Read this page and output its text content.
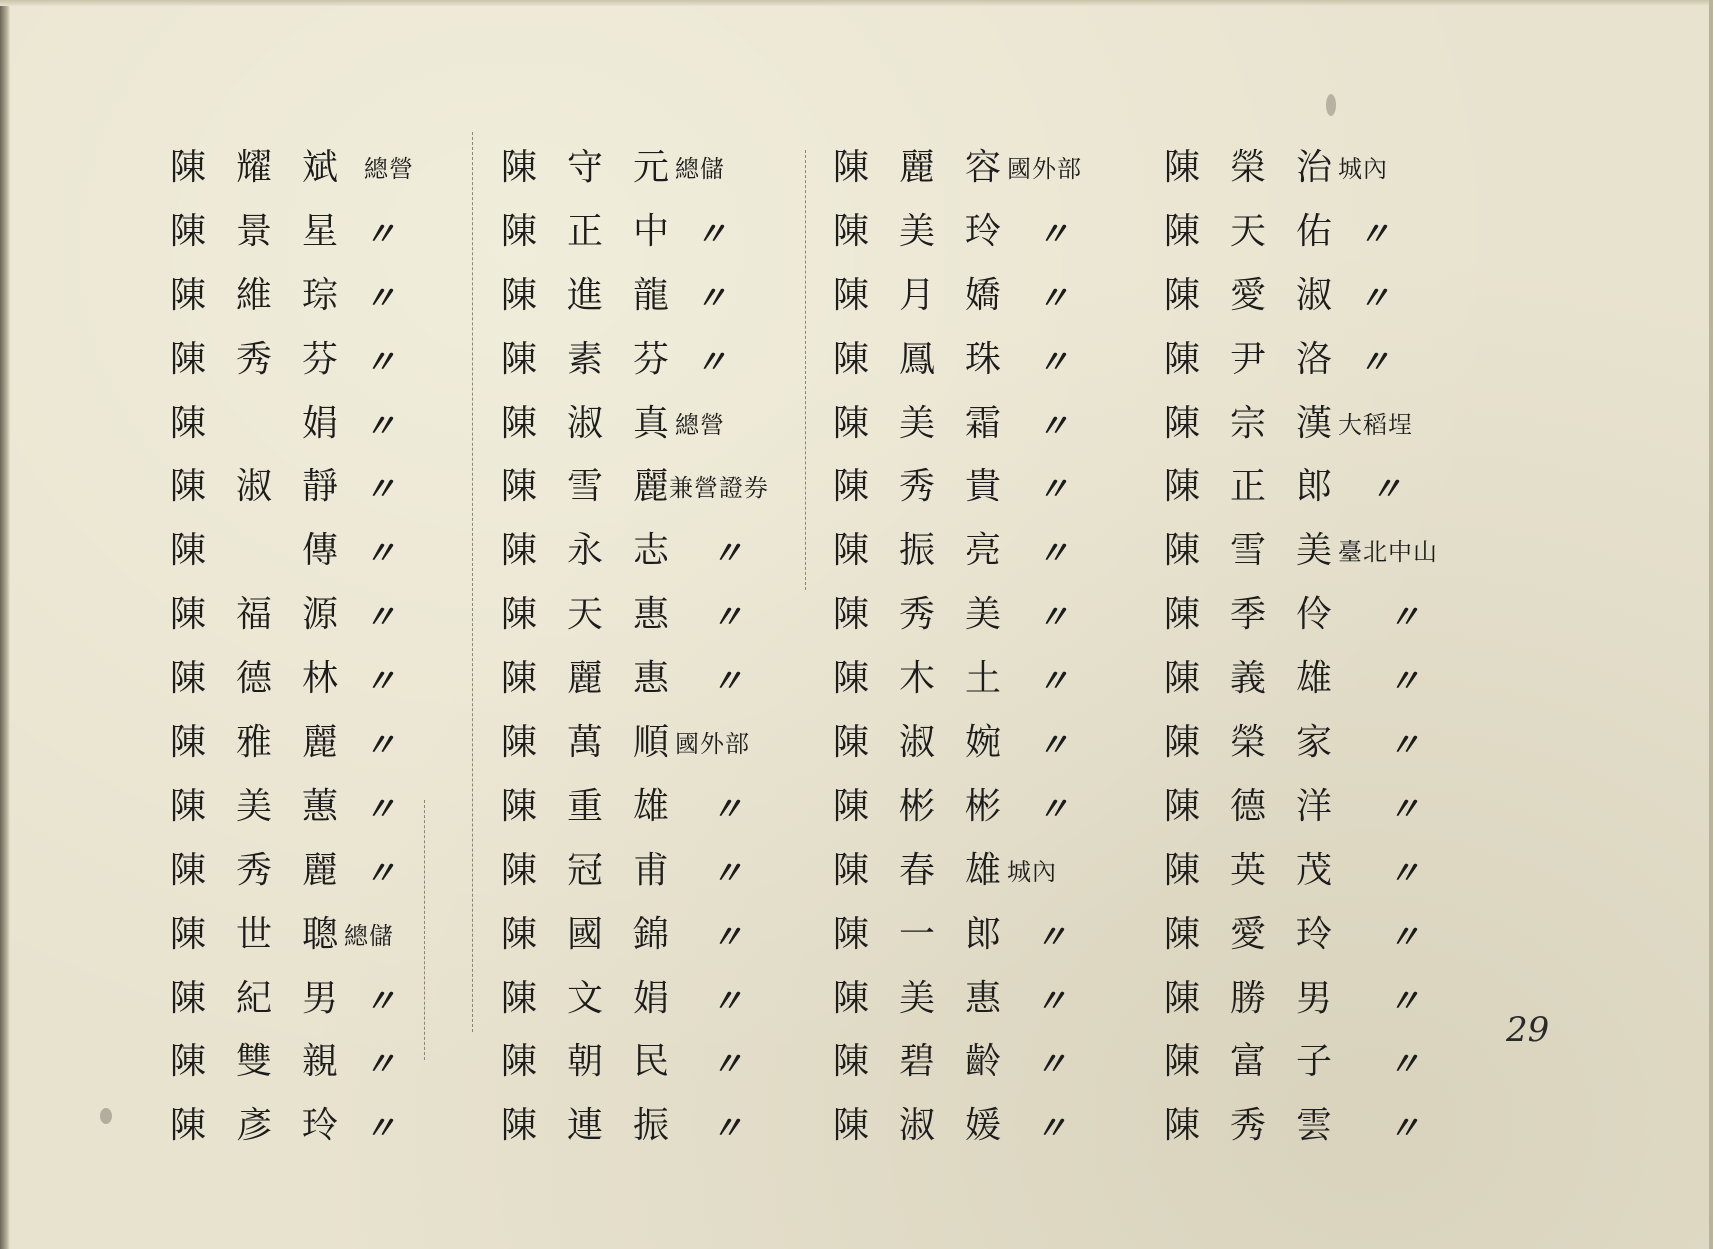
陳 耀 斌 總營
陳 景 星 〃
陳 維 琮 〃
陳 秀 芬 〃
陳	娟 〃
陳 淑 靜 〃
陳	傳 〃
陳 福 源 〃
陳 德 林 〃
陳 雅 麗 〃
陳 美 蕙 〃
陳 秀 麗 〃
陳 世 聰 總儲
陳 紀 男 〃
陳 雙 親 〃
陳 彥 玲 〃
陳 守 元 總儲
陳 正 中 〃
陳 進 龍 〃
陳 素 芬 〃
陳 淑 真 總營
陳 雪 麗 兼營證券
陳 永 志 〃
陳 天 惠 〃
陳 麗 惠 〃
陳 萬 順 國外部
陳 重 雄 〃
陳 冠 甫 〃
陳 國 錦 〃
陳 文 娟 〃
陳 朝 民 〃
陳 連 振 〃
陳 麗 容 國外部
陳 美 玲 〃
陳 月 嬌 〃
陳 鳳 珠 〃
陳 美 霜 〃
陳 秀 貴 〃
陳 振 亮 〃
陳 秀 美 〃
陳 木 土 〃
陳 淑 婉 〃
陳 彬 彬 〃
陳 春 雄 城內
陳 一 郎 〃
陳 美 惠 〃
陳 碧 齡 〃
陳 淑 媛 〃
陳 榮 治 城內
陳 天 佑 〃
陳 愛 淑 〃
陳 尹 洛 〃
陳 宗 漢 大稻埕
陳 正 郎 〃
陳 雪 美 臺北中山
陳 季 伶 〃
陳 義 雄 〃
陳 榮 家 〃
陳 德 洋 〃
陳 英 茂 〃
陳 愛 玲 〃
陳 勝 男 〃
陳 富 子 〃
陳 秀 雲 〃
29
